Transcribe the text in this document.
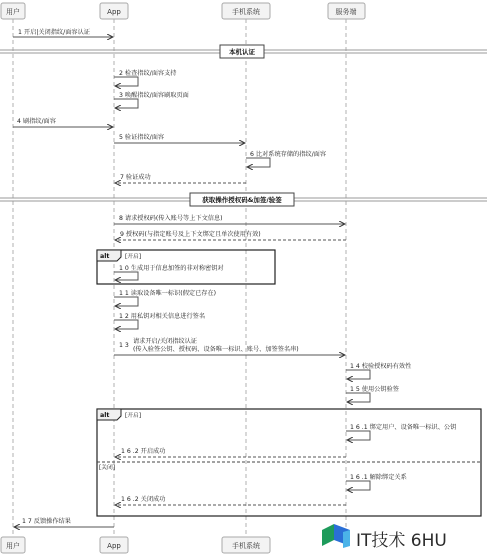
用户	App	手机系统	服务端
用户	App	手机系统
1 开启|关闭指纹/面容认证
本机认证
2 检查指纹/面容支持
3 唤醒指纹/面容刷取页面
4 刷指纹/面容
5 验证指纹/面容
6 比对系统存储的指纹/面容
7 验证成功
获取操作授权码&加签/验签
8 请求授权码(传入账号等上下文信息)
9 授权码(与指定账号及上下文绑定且单次使用有效)
alt	[开启]
1 0 生成用于信息加签的非对称密钥对
1 1 读取设备唯一标识(假定已存在)
1 2 用私钥对相关信息进行签名
1 3
请求开启/关闭指纹认证
(传入验签公钥、授权码、设备唯一标识、账号、加签签名串)
1 4 校验授权码有效性
1 5 使用公钥验签
alt	[开启]
[关闭]
1 6 .1 绑定用户、设备唯一标识、公钥
1 6 .2 开启成功
1 6 .1 解除绑定关系
1 6 .2 关闭成功
1 7 反馈操作结果
IT技术 6HU
